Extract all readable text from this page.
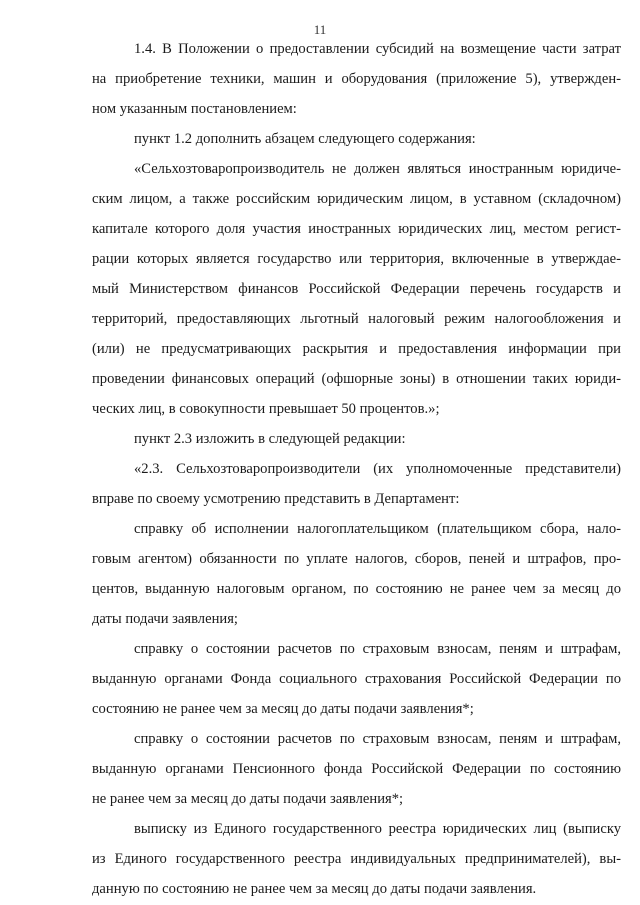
11
1.4. В Положении о предоставлении субсидий на возмещение части затрат
на приобретение техники, машин и оборудования (приложение 5), утвержден-
ном указанным постановлением:
пункт 1.2 дополнить абзацем следующего содержания:
«Сельхозтоваропроизводитель не должен являться иностранным юридиче-
ским лицом, а также российским юридическим лицом, в уставном (складочном)
капитале которого доля участия иностранных юридических лиц, местом регист-
рации которых является государство или территория, включенные в утверждае-
мый Министерством финансов Российской Федерации перечень государств и
территорий, предоставляющих льготный налоговый режим налогообложения и
(или) не предусматривающих раскрытия и предоставления информации при
проведении финансовых операций (офшорные зоны) в отношении таких юриди-
ческих лиц, в совокупности превышает 50 процентов.»;
пункт 2.3 изложить в следующей редакции:
«2.3. Сельхозтоваропроизводители (их уполномоченные представители)
вправе по своему усмотрению представить в Департамент:
справку об исполнении налогоплательщиком (плательщиком сбора, нало-
говым агентом) обязанности по уплате налогов, сборов, пеней и штрафов, про-
центов, выданную налоговым органом, по состоянию не ранее чем за месяц до
даты подачи заявления;
справку о состоянии расчетов по страховым взносам, пеням и штрафам,
выданную органами Фонда социального страхования Российской Федерации по
состоянию не ранее чем за месяц до даты подачи заявления*;
справку о состоянии расчетов по страховым взносам, пеням и штрафам,
выданную органами Пенсионного фонда Российской Федерации по состоянию
не ранее чем за месяц до даты подачи заявления*;
выписку из Единого государственного реестра юридических лиц (выписку
из Единого государственного реестра индивидуальных предпринимателей), вы-
данную по состоянию не ранее чем за месяц до даты подачи заявления.
